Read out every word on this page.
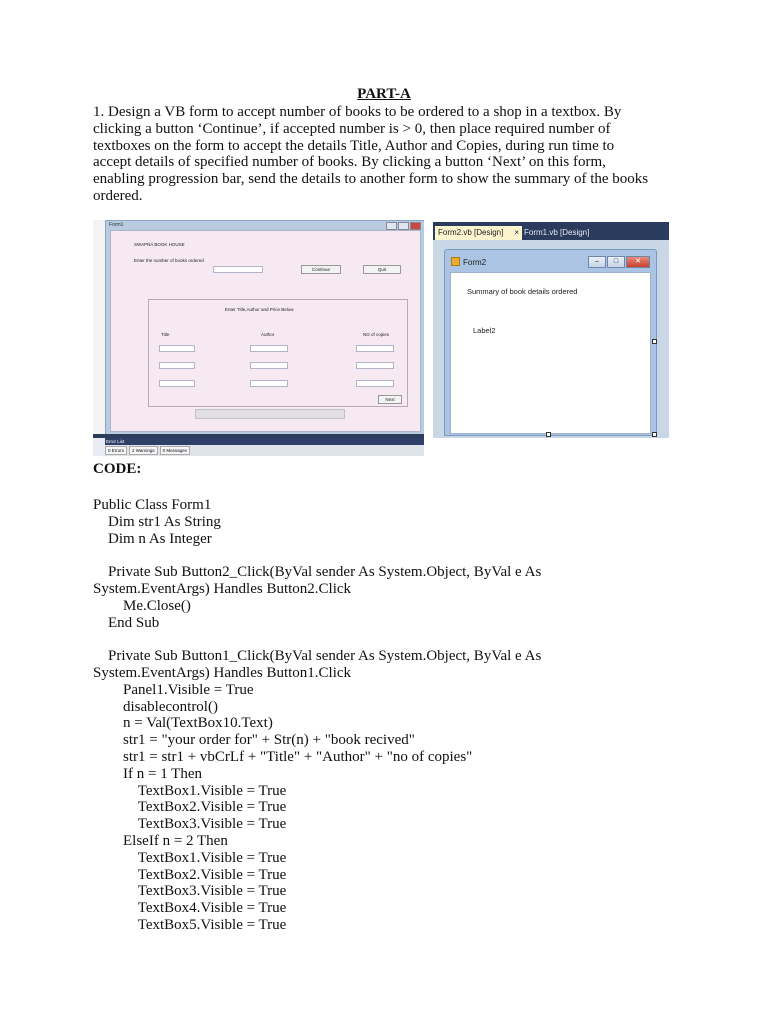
PART-A
1. Design a VB form to accept number of books to be ordered to a shop in a textbox. By
clicking a button ‘Continue’, if accepted number is > 0, then place required number of
textboxes on the form to accept the details Title, Author and Copies, during run time to
accept details of specified number of books. By clicking a button ‘Next’ on this form,
enabling progression bar, send the details to another form to show the summary of the books
ordered.
Form1
SWAPNA BOOK HOUSE
Enter the number of books ordered
Continue	Quit
Enter Title,Author and Price Below
Title	Author	NO of copies
Next
Error List
0 Errors	2 Warnings	0 Messages
Form2.vb [Design] × Form1.vb [Design]
Form2	–	□	✕
Summary of book details ordered
Label2
CODE:
Public Class Form1
Dim str1 As String
Dim n As Integer
Private Sub Button2_Click(ByVal sender As System.Object, ByVal e As
System.EventArgs) Handles Button2.Click
Me.Close()
End Sub
Private Sub Button1_Click(ByVal sender As System.Object, ByVal e As
System.EventArgs) Handles Button1.Click
Panel1.Visible = True
disablecontrol()
n = Val(TextBox10.Text)
str1 = "your order for" + Str(n) + "book recived"
str1 = str1 + vbCrLf + "Title" + "Author" + "no of copies"
If n = 1 Then
TextBox1.Visible = True
TextBox2.Visible = True
TextBox3.Visible = True
ElseIf n = 2 Then
TextBox1.Visible = True
TextBox2.Visible = True
TextBox3.Visible = True
TextBox4.Visible = True
TextBox5.Visible = True
